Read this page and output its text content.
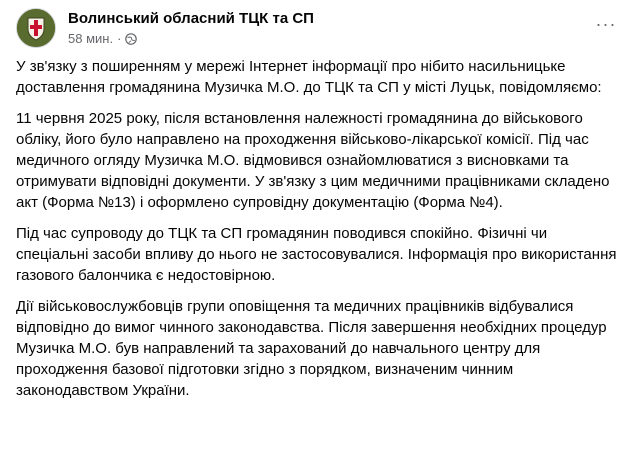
Волинський обласний ТЦК та СП
58 мин. ·
···

У зв'язку з поширенням у мережі Інтернет інформації про нібито насильницьке доставлення громадянина Музичка М.О. до ТЦК та СП у місті Луцьк, повідомляємо:

11 червня 2025 року, після встановлення належності громадянина до військового обліку, його було направлено на проходження військово-лікарської комісії. Під час медичного огляду Музичка М.О. відмовився ознайомлюватися з висновками та отримувати відповідні документи. У зв'язку з цим медичними працівниками складено акт (Форма №13) і оформлено супровідну документацію (Форма №4).

Під час супроводу до ТЦК та СП громадянин поводився спокійно. Фізичні чи спеціальні засоби впливу до нього не застосовувалися. Інформація про використання газового балончика є недостовірною.

Дії військовослужбовців групи оповіщення та медичних працівників відбувалися відповідно до вимог чинного законодавства. Після завершення необхідних процедур Музичка М.О. був направлений та зарахований до навчального центру для проходження базової підготовки згідно з порядком, визначеним чинним законодавством України.
